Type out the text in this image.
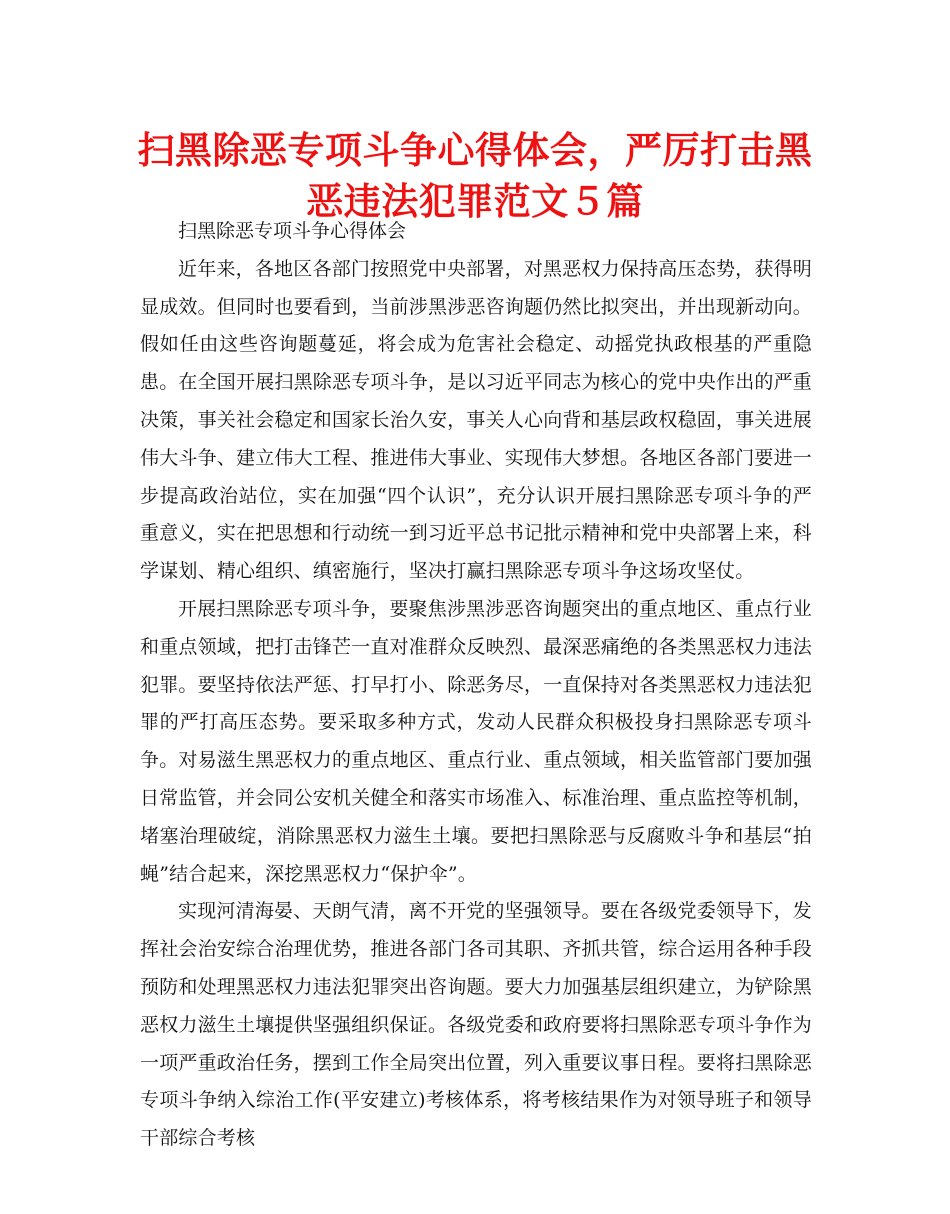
扫黑除恶专项斗争心得体会，严厉打击黑恶违法犯罪范文５篇
扫黑除恶专项斗争心得体会

近年来，各地区各部门按照党中央部署，对黑恶权力保持高压态势，获得明显成效。但同时也要看到，当前涉黑涉恶咨询题仍然比拟突出，并出现新动向。假如任由这些咨询题蔓延，将会成为危害社会稳定、动摇党执政根基的严重隐患。在全国开展扫黑除恶专项斗争，是以习近平同志为核心的党中央作出的严重决策，事关社会稳定和国家长治久安，事关人心向背和基层政权稳固，事关进展伟大斗争、建立伟大工程、推进伟大事业、实现伟大梦想。各地区各部门要进一步提高政治站位，实在加强“四个认识”，充分认识开展扫黑除恶专项斗争的严重意义，实在把思想和行动统一到习近平总书记批示精神和党中央部署上来，科学谋划、精心组织、缜密施行，坚决打赢扫黑除恶专项斗争这场攻坚仗。

开展扫黑除恶专项斗争，要聚焦涉黑涉恶咨询题突出的重点地区、重点行业和重点领域，把打击锋芒一直对准群众反映烈、最深恶痛绝的各类黑恶权力违法犯罪。要坚持依法严惩、打早打小、除恶务尽，一直保持对各类黑恶权力违法犯罪的严打高压态势。要采取多种方式，发动人民群众积极投身扫黑除恶专项斗争。对易滋生黑恶权力的重点地区、重点行业、重点领域，相关监管部门要加强日常监管，并会同公安机关健全和落实市场准入、标准治理、重点监控等机制，堵塞治理破绽，消除黑恶权力滋生土壤。要把扫黑除恶与反腐败斗争和基层“拍蝇”结合起来，深挖黑恶权力“保护伞”。

实现河清海晏、天朗气清，离不开党的坚强领导。要在各级党委领导下，发挥社会治安综合治理优势，推进各部门各司其职、齐抓共管，综合运用各种手段预防和处理黑恶权力违法犯罪突出咨询题。要大力加强基层组织建立，为铲除黑恶权力滋生土壤提供坚强组织保证。各级党委和政府要将扫黑除恶专项斗争作为一项严重政治任务，摆到工作全局突出位置，列入重要议事日程。要将扫黑除恶专项斗争纳入综治工作(平安建立)考核体系，将考核结果作为对领导班子和领导干部综合考核
